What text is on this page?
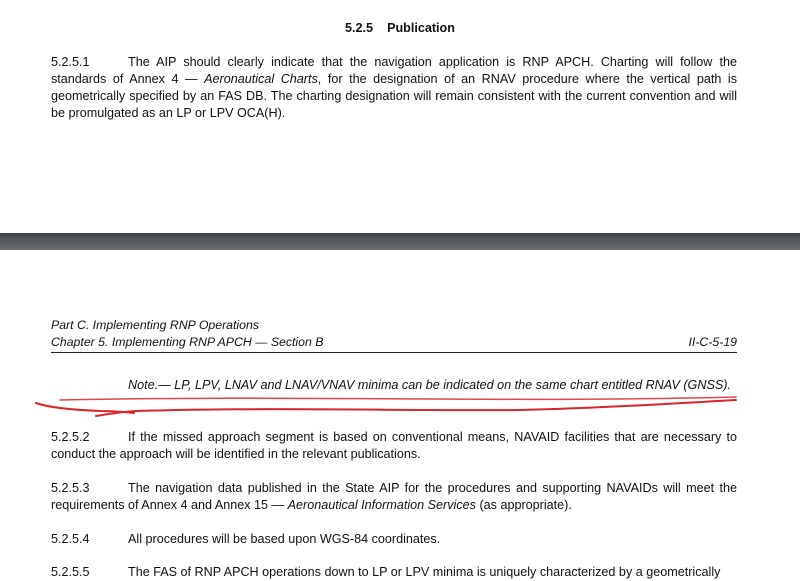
5.2.5 Publication

5.2.5.1	The AIP should clearly indicate that the navigation application is RNP APCH. Charting will follow the standards of Annex 4 — Aeronautical Charts, for the designation of an RNAV procedure where the vertical path is geometrically specified by an FAS DB. The charting designation will remain consistent with the current convention and will be promulgated as an LP or LPV OCA(H).

Part C. Implementing RNP Operations
Chapter 5. Implementing RNP APCH — Section B	II-C-5-19

Note.— LP, LPV, LNAV and LNAV/VNAV minima can be indicated on the same chart entitled RNAV (GNSS).

5.2.5.2	If the missed approach segment is based on conventional means, NAVAID facilities that are necessary to conduct the approach will be identified in the relevant publications.

5.2.5.3	The navigation data published in the State AIP for the procedures and supporting NAVAIDs will meet the requirements of Annex 4 and Annex 15 — Aeronautical Information Services (as appropriate).

5.2.5.4	All procedures will be based upon WGS-84 coordinates.

5.2.5.5	The FAS of RNP APCH operations down to LP or LPV minima is uniquely characterized by a geometrically
